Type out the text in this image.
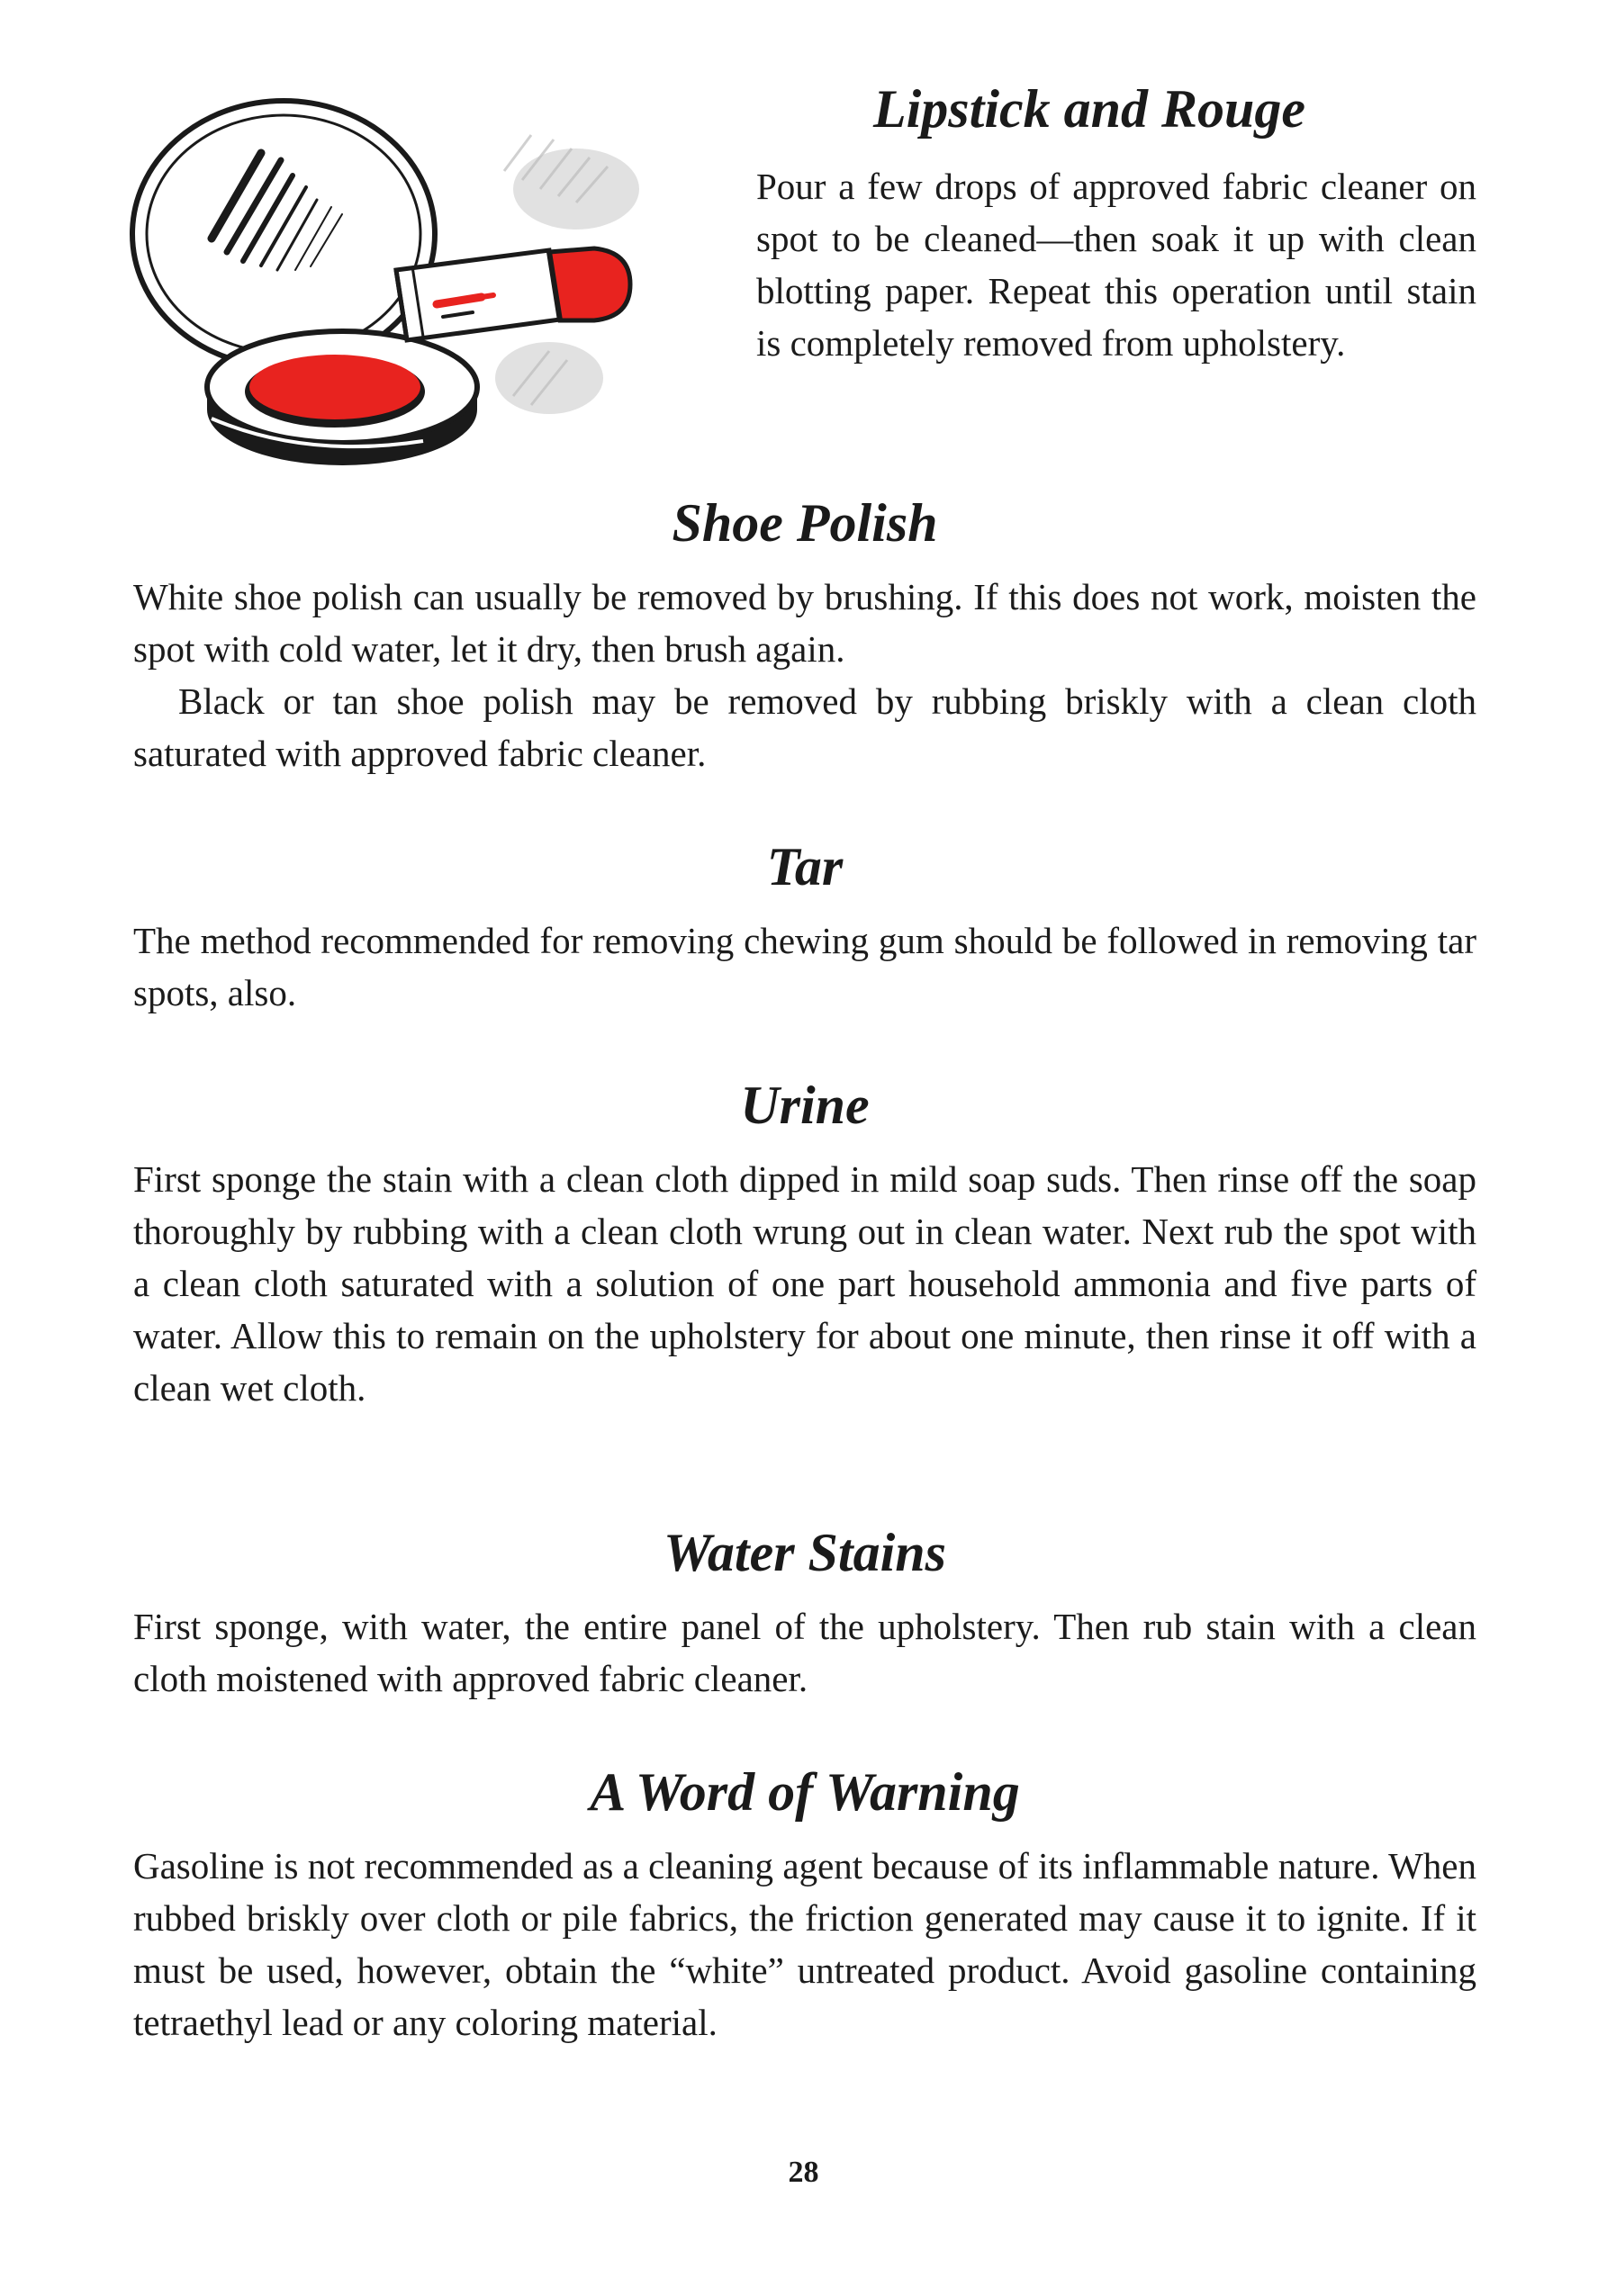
Lipstick and Rouge

Pour a few drops of approved fabric cleaner on spot to be cleaned—then soak it up with clean blotting paper. Repeat this operation until stain is completely removed from upholstery.

Shoe Polish

White shoe polish can usually be removed by brushing. If this does not work, moisten the spot with cold water, let it dry, then brush again.

Black or tan shoe polish may be removed by rubbing briskly with a clean cloth saturated with approved fabric cleaner.

Tar

The method recommended for removing chewing gum should be followed in removing tar spots, also.

Urine

First sponge the stain with a clean cloth dipped in mild soap suds. Then rinse off the soap thoroughly by rubbing with a clean cloth wrung out in clean water. Next rub the spot with a clean cloth saturated with a solution of one part household ammonia and five parts of water. Allow this to remain on the upholstery for about one minute, then rinse it off with a clean wet cloth.

Water Stains

First sponge, with water, the entire panel of the upholstery. Then rub stain with a clean cloth moistened with approved fabric cleaner.

A Word of Warning

Gasoline is not recommended as a cleaning agent because of its inflammable nature. When rubbed briskly over cloth or pile fabrics, the friction generated may cause it to ignite. If it must be used, however, obtain the “white” untreated product. Avoid gasoline containing tetraethyl lead or any coloring material.

28
